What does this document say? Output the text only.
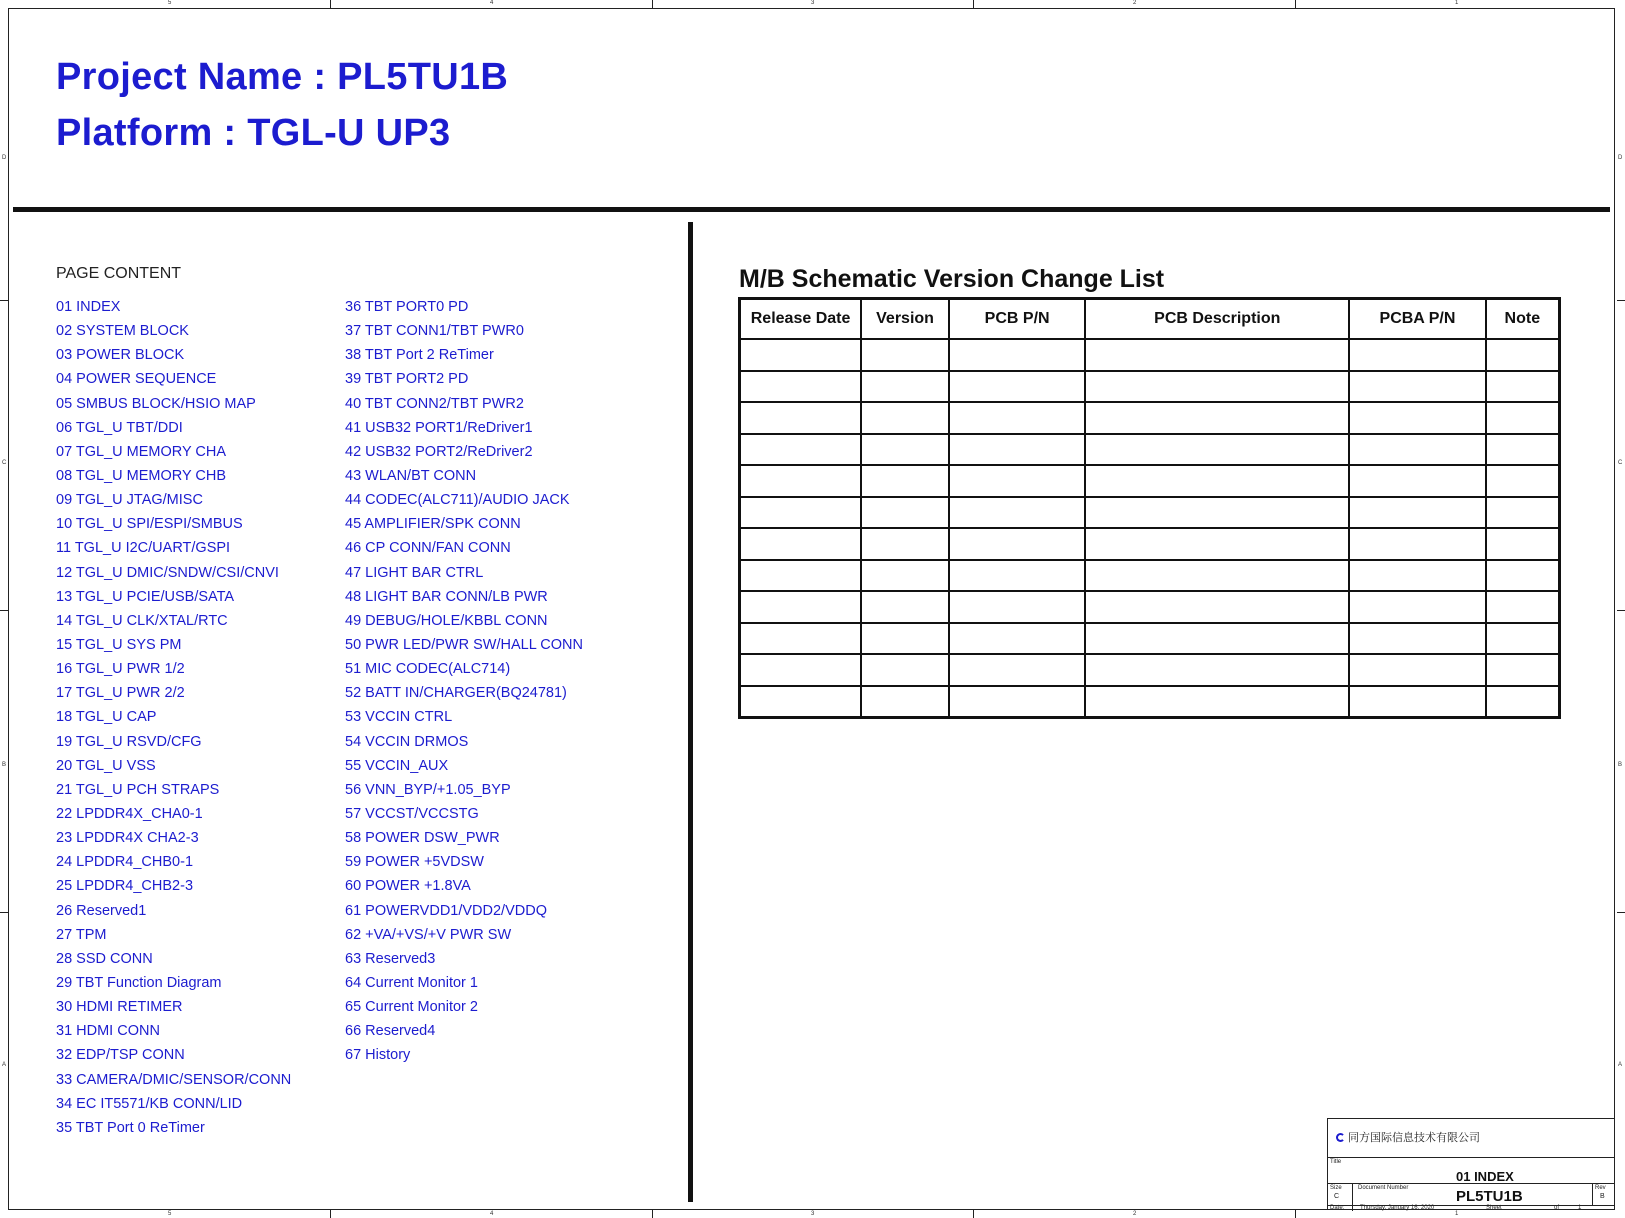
5	4	3	2	1
5	4	3	2	1
D
C
B
A
D
C
B
A
Project Name : PL5TU1B
Platform : TGL-U UP3
PAGE CONTENT
01 INDEX
02 SYSTEM BLOCK
03 POWER BLOCK
04 POWER SEQUENCE
05 SMBUS BLOCK/HSIO MAP
06 TGL_U TBT/DDI
07 TGL_U MEMORY CHA
08 TGL_U MEMORY CHB
09 TGL_U JTAG/MISC
10 TGL_U SPI/ESPI/SMBUS
11 TGL_U I2C/UART/GSPI
12 TGL_U DMIC/SNDW/CSI/CNVI
13 TGL_U PCIE/USB/SATA
14 TGL_U CLK/XTAL/RTC
15 TGL_U SYS PM
16 TGL_U PWR 1/2
17 TGL_U PWR 2/2
18 TGL_U CAP
19 TGL_U RSVD/CFG
20 TGL_U VSS
21 TGL_U PCH STRAPS
22 LPDDR4X_CHA0-1
23 LPDDR4X CHA2-3
24 LPDDR4_CHB0-1
25 LPDDR4_CHB2-3
26 Reserved1
27 TPM
28 SSD CONN
29 TBT Function Diagram
30 HDMI RETIMER
31 HDMI CONN
32 EDP/TSP CONN
33 CAMERA/DMIC/SENSOR/CONN
34 EC IT5571/KB CONN/LID
35 TBT Port 0 ReTimer
36 TBT PORT0 PD
37 TBT CONN1/TBT PWR0
38 TBT Port 2 ReTimer
39 TBT PORT2 PD
40 TBT CONN2/TBT PWR2
41 USB32 PORT1/ReDriver1
42 USB32 PORT2/ReDriver2
43 WLAN/BT CONN
44 CODEC(ALC711)/AUDIO JACK
45 AMPLIFIER/SPK CONN
46 CP CONN/FAN CONN
47 LIGHT BAR CTRL
48 LIGHT BAR CONN/LB PWR
49 DEBUG/HOLE/KBBL CONN
50 PWR LED/PWR SW/HALL CONN
51 MIC CODEC(ALC714)
52 BATT IN/CHARGER(BQ24781)
53 VCCIN CTRL
54 VCCIN DRMOS
55 VCCIN_AUX
56 VNN_BYP/+1.05_BYP
57 VCCST/VCCSTG
58 POWER DSW_PWR
59 POWER +5VDSW
60 POWER +1.8VA
61 POWERVDD1/VDD2/VDDQ
62 +VA/+VS/+V PWR SW
63 Reserved3
64 Current Monitor 1
65 Current Monitor 2
66 Reserved4
67 History
M/B Schematic Version Change List
Release Date	Version	PCB P/N	PCB Description	PCBA P/N	Note

同方国际信息技术有限公司
Title
01 INDEX
Size
C
Document Number	PL5TU1B	Rev
B
Date:	Thursday, January 16, 2020	Sheet	of	1
